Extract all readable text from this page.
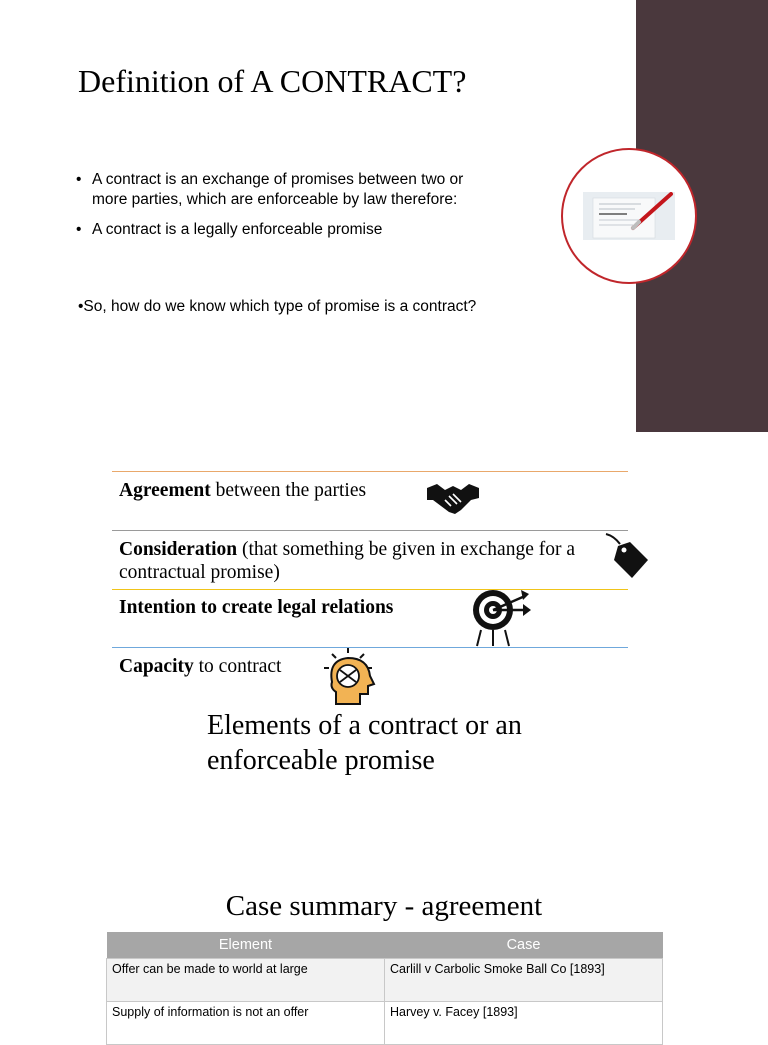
Definition of A CONTRACT?
• A contract is an exchange of promises between two or more parties, which are enforceable by law therefore:
• A contract is a legally enforceable promise
•So, how do we know which type of promise is a contract?
Agreement between the parties
Consideration (that something be given in exchange for a contractual promise)
Intention to create legal relations
Capacity to contract
Elements of a contract or an enforceable promise
Case summary - agreement
Element	Case
Offer can be made to world at large	Carlill v Carbolic Smoke Ball Co [1893]
Supply of information is not an offer	Harvey v. Facey [1893]
